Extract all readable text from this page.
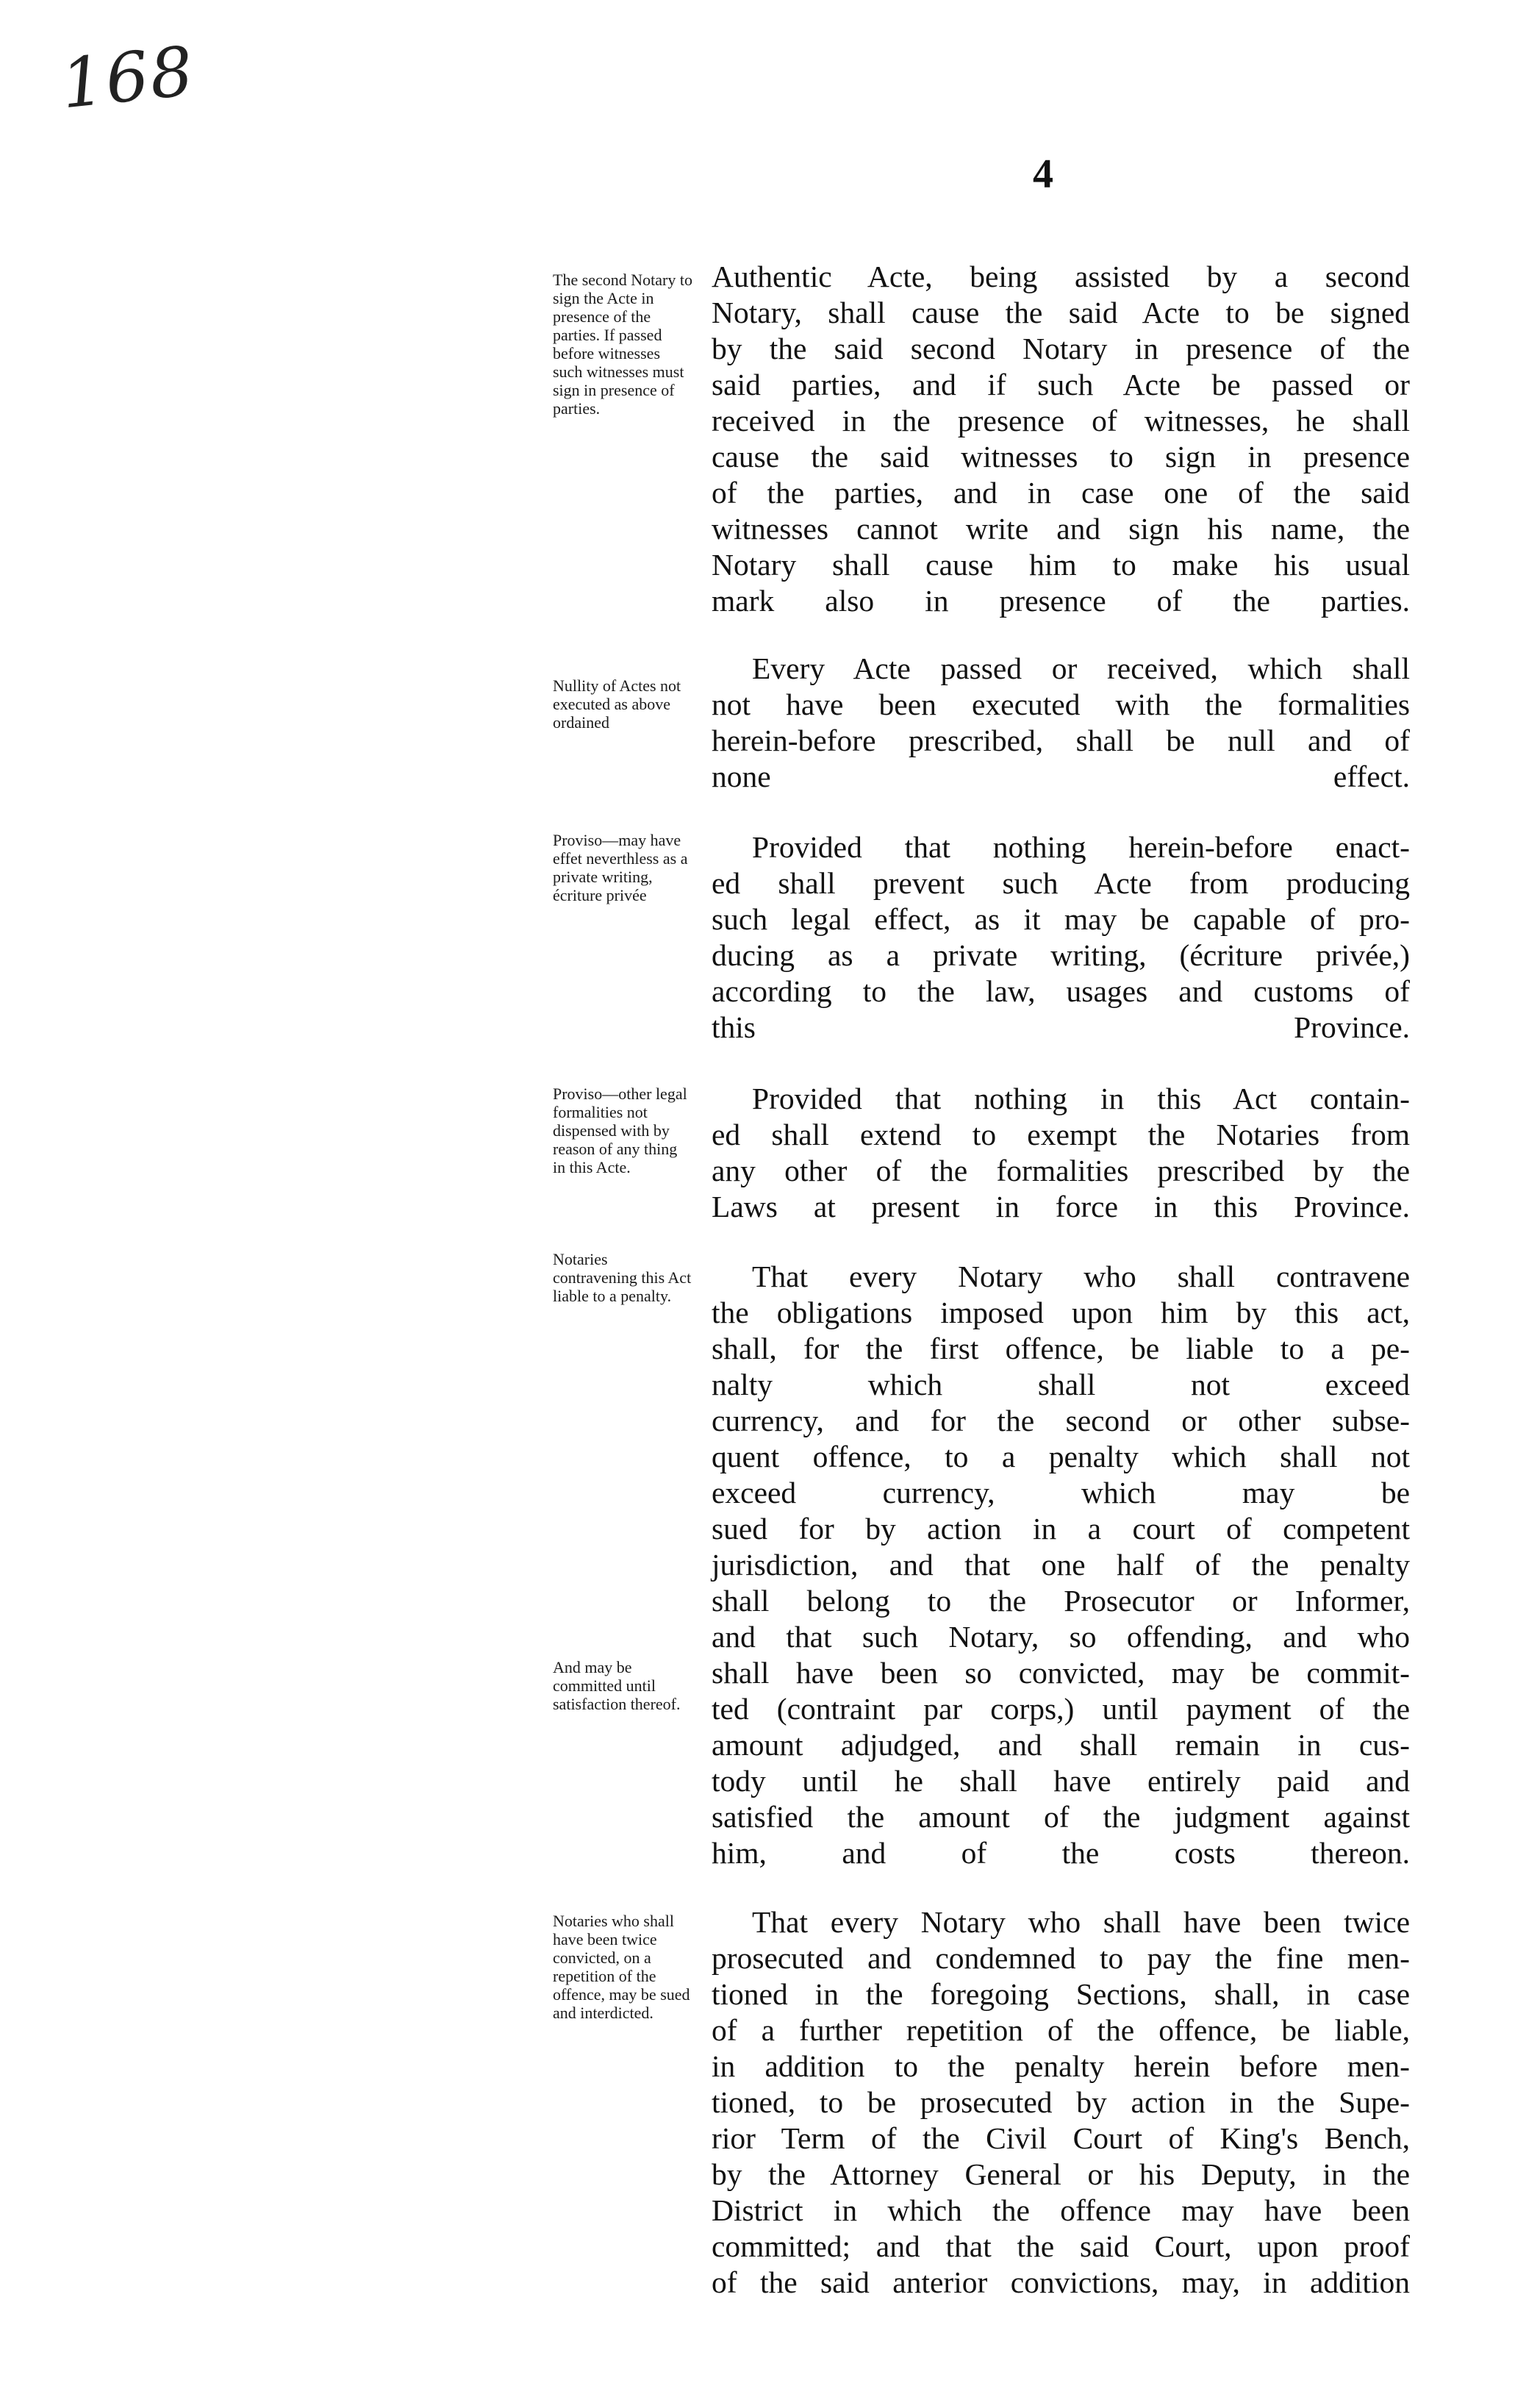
168
4
The second Notary to sign the Acte in presence of the parties. If passed before witnesses such witnesses must sign in presence of parties.
Authentic Acte, being assisted by a second
Notary, shall cause the said Acte to be signed
by the said second Notary in presence of the
said parties, and if such Acte be passed or
received in the presence of witnesses, he shall
cause the said witnesses to sign in presence
of the parties, and in case one of the said
witnesses cannot write and sign his name, the
Notary shall cause him to make his usual
mark also in presence of the parties.
Nullity of Actes not executed as above ordained
Every Acte passed or received, which shall
not have been executed with the formalities
herein-before prescribed, shall be null and of
none effect.
Proviso—may have effet neverthless as a private writing, écriture privée
Provided that nothing herein-before enact-
ed shall prevent such Acte from producing
such legal effect, as it may be capable of pro-
ducing as a private writing, (écriture privée,)
according to the law, usages and customs of
this Province.
Proviso—other legal formalities not dispensed with by reason of any thing in this Acte.
Provided that nothing in this Act contain-
ed shall extend to exempt the Notaries from
any other of the formalities prescribed by the
Laws at present in force in this Province.
Notaries contravening this Act liable to a penalty.
And may be committed until satisfaction thereof.
That every Notary who shall contravene
the obligations imposed upon him by this act,
shall, for the first offence, be liable to a pe-
nalty which shall not exceed
currency, and for the second or other subse-
quent offence, to a penalty which shall not
exceed currency, which may be
sued for by action in a court of competent
jurisdiction, and that one half of the penalty
shall belong to the Prosecutor or Informer,
and that such Notary, so offending, and who
shall have been so convicted, may be commit-
ted (contraint par corps,) until payment of the
amount adjudged, and shall remain in cus-
tody until he shall have entirely paid and
satisfied the amount of the judgment against
him, and of the costs thereon.
Notaries who shall have been twice convicted, on a repetition of the offence, may be sued and interdicted.
That every Notary who shall have been twice
prosecuted and condemned to pay the fine men-
tioned in the foregoing Sections, shall, in case
of a further repetition of the offence, be liable,
in addition to the penalty herein before men-
tioned, to be prosecuted by action in the Supe-
rior Term of the Civil Court of King's Bench,
by the Attorney General or his Deputy, in the
District in which the offence may have been
committed; and that the said Court, upon proof
of the said anterior convictions, may, in addition
